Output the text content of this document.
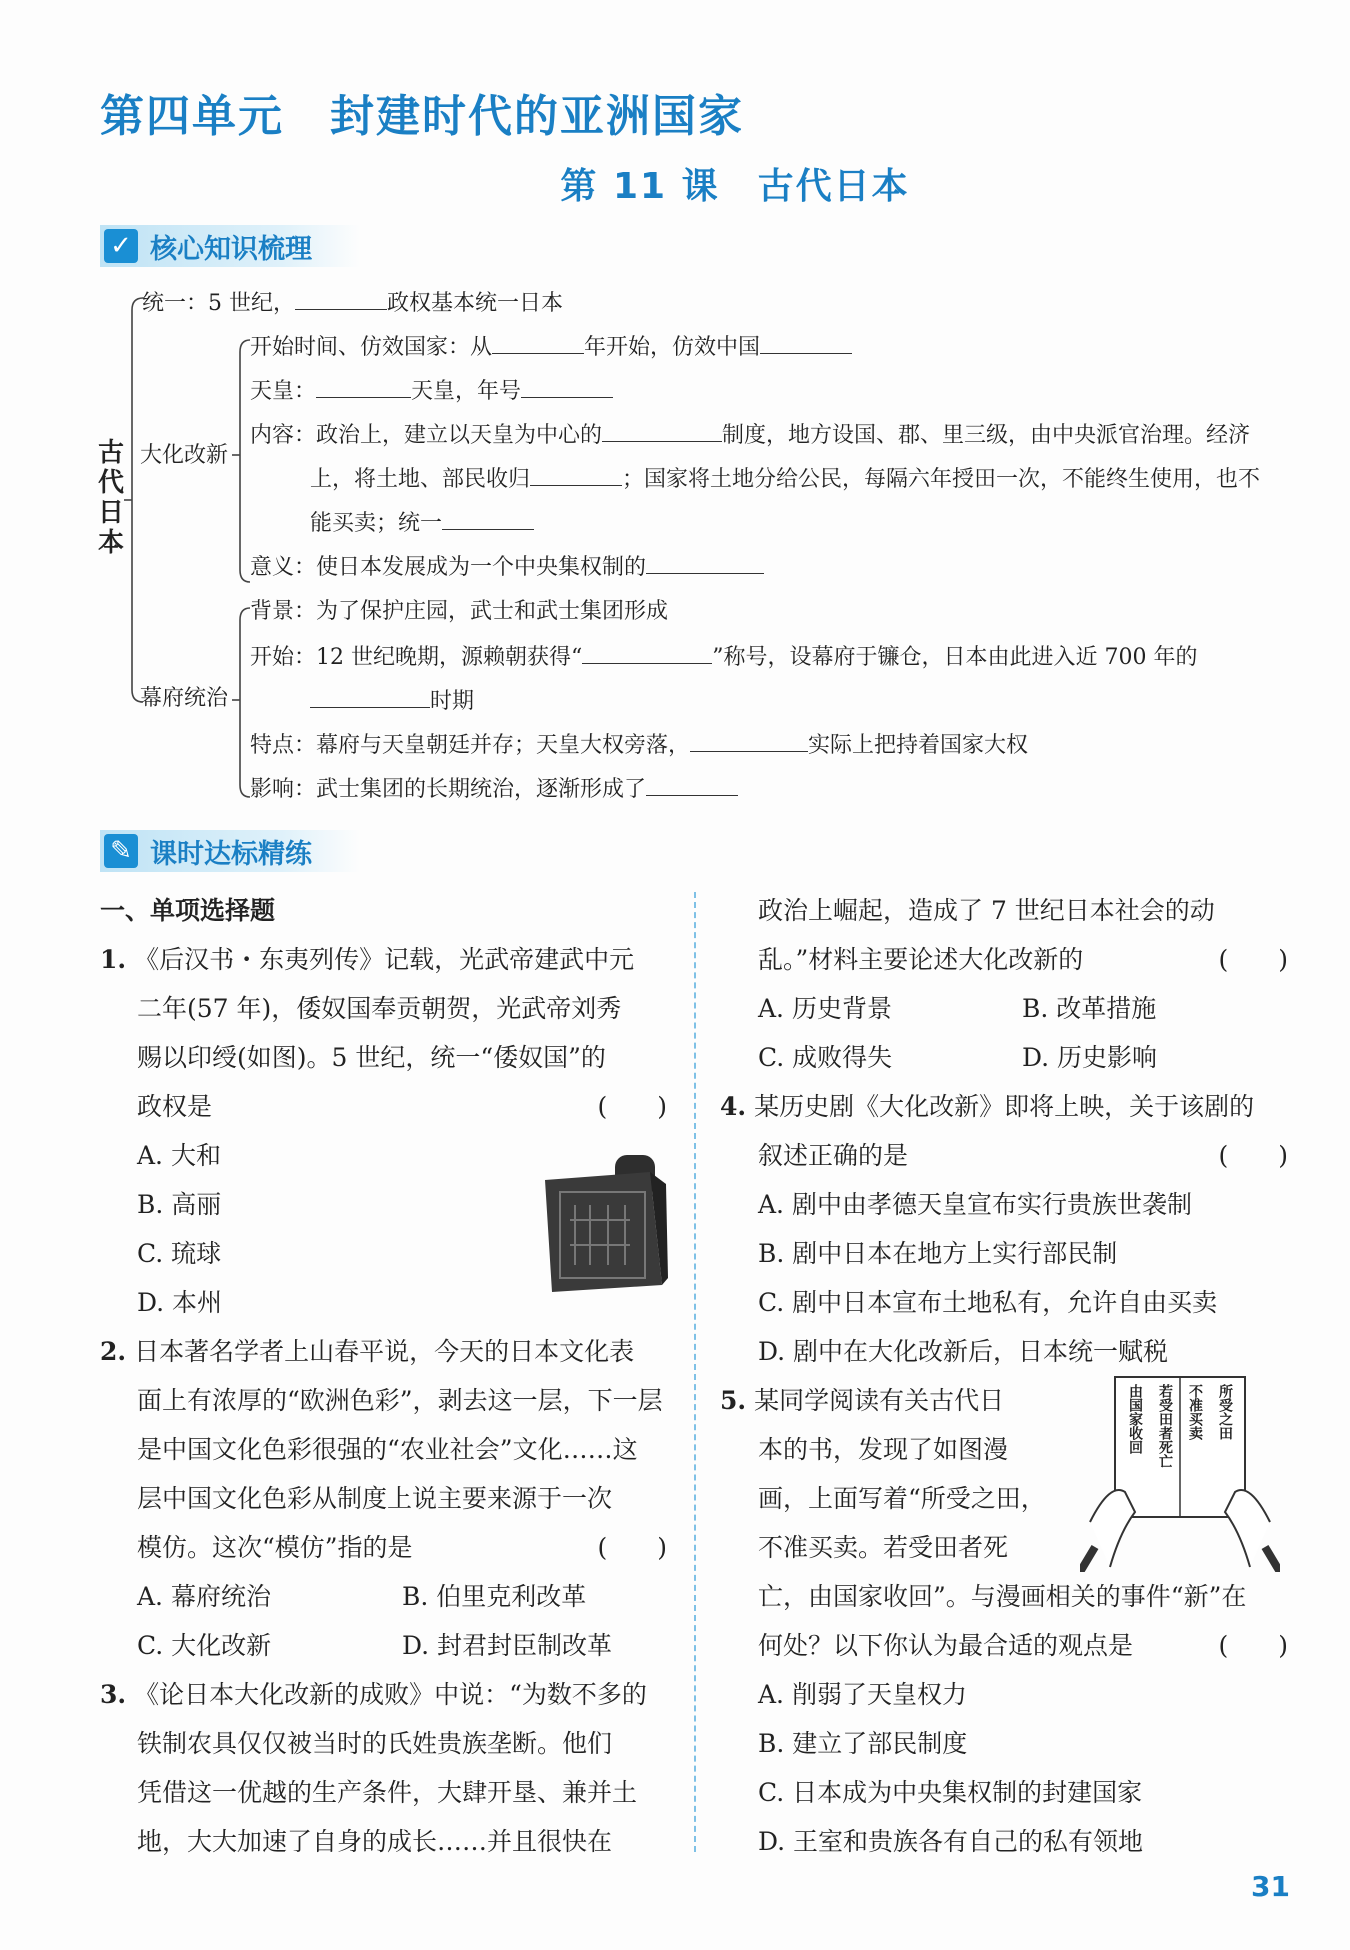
第四单元　封建时代的亚洲国家
第 11 课　古代日本
✓ 核心知识梳理
古代日本
统一：5 世纪，	政权基本统一日本
大化改新
开始时间、仿效国家：从	年开始，仿效中国
天皇：	天皇，年号
内容：政治上，建立以天皇为中心的	制度，地方设国、郡、里三级，由中央派官治理。经济
上，将土地、部民收归	；国家将土地分给公民，每隔六年授田一次，不能终生使用，也不
能买卖；统一
意义：使日本发展成为一个中央集权制的
幕府统治
背景：为了保护庄园，武士和武士集团形成
开始：12 世纪晚期，源赖朝获得“	”称号，设幕府于镰仓，日本由此进入近 700 年的
时期
特点：幕府与天皇朝廷并存；天皇大权旁落，	实际上把持着国家大权
影响：武士集团的长期统治，逐渐形成了
✎ 课时达标精练
一、单项选择题
1. 《后汉书・东夷列传》记载，光武帝建武中元
二年(57 年)，倭奴国奉贡朝贺，光武帝刘秀
赐以印绶(如图)。5 世纪，统一“倭奴国”的
政权是	(　　)
A. 大和
B. 高丽
C. 琉球
D. 本州
2. 日本著名学者上山春平说，今天的日本文化表
面上有浓厚的“欧洲色彩”，剥去这一层，下一层
是中国文化色彩很强的“农业社会”文化……这
层中国文化色彩从制度上说主要来源于一次
模仿。这次“模仿”指的是	(　　)
A. 幕府统治	B. 伯里克利改革
C. 大化改新	D. 封君封臣制改革
3. 《论日本大化改新的成败》中说：“为数不多的
铁制农具仅仅被当时的氏姓贵族垄断。他们
凭借这一优越的生产条件，大肆开垦、兼并土
地，大大加速了自身的成长……并且很快在
政治上崛起，造成了 7 世纪日本社会的动
乱。”材料主要论述大化改新的	(　　)
A. 历史背景	B. 改革措施
C. 成败得失	D. 历史影响
4. 某历史剧《大化改新》即将上映，关于该剧的
叙述正确的是	(　　)
A. 剧中由孝德天皇宣布实行贵族世袭制
B. 剧中日本在地方上实行部民制
C. 剧中日本宣布土地私有，允许自由买卖
D. 剧中在大化改新后，日本统一赋税
5. 某同学阅读有关古代日
本的书，发现了如图漫
画，上面写着“所受之田，
不准买卖。若受田者死
亡，由国家收回”。与漫画相关的事件“新”在
何处？以下你认为最合适的观点是	(　　)
A. 削弱了天皇权力
B. 建立了部民制度
C. 日本成为中央集权制的封建国家
D. 王室和贵族各有自己的私有领地
所受之田
不准买卖
若受田者死亡
由国家收回
31
